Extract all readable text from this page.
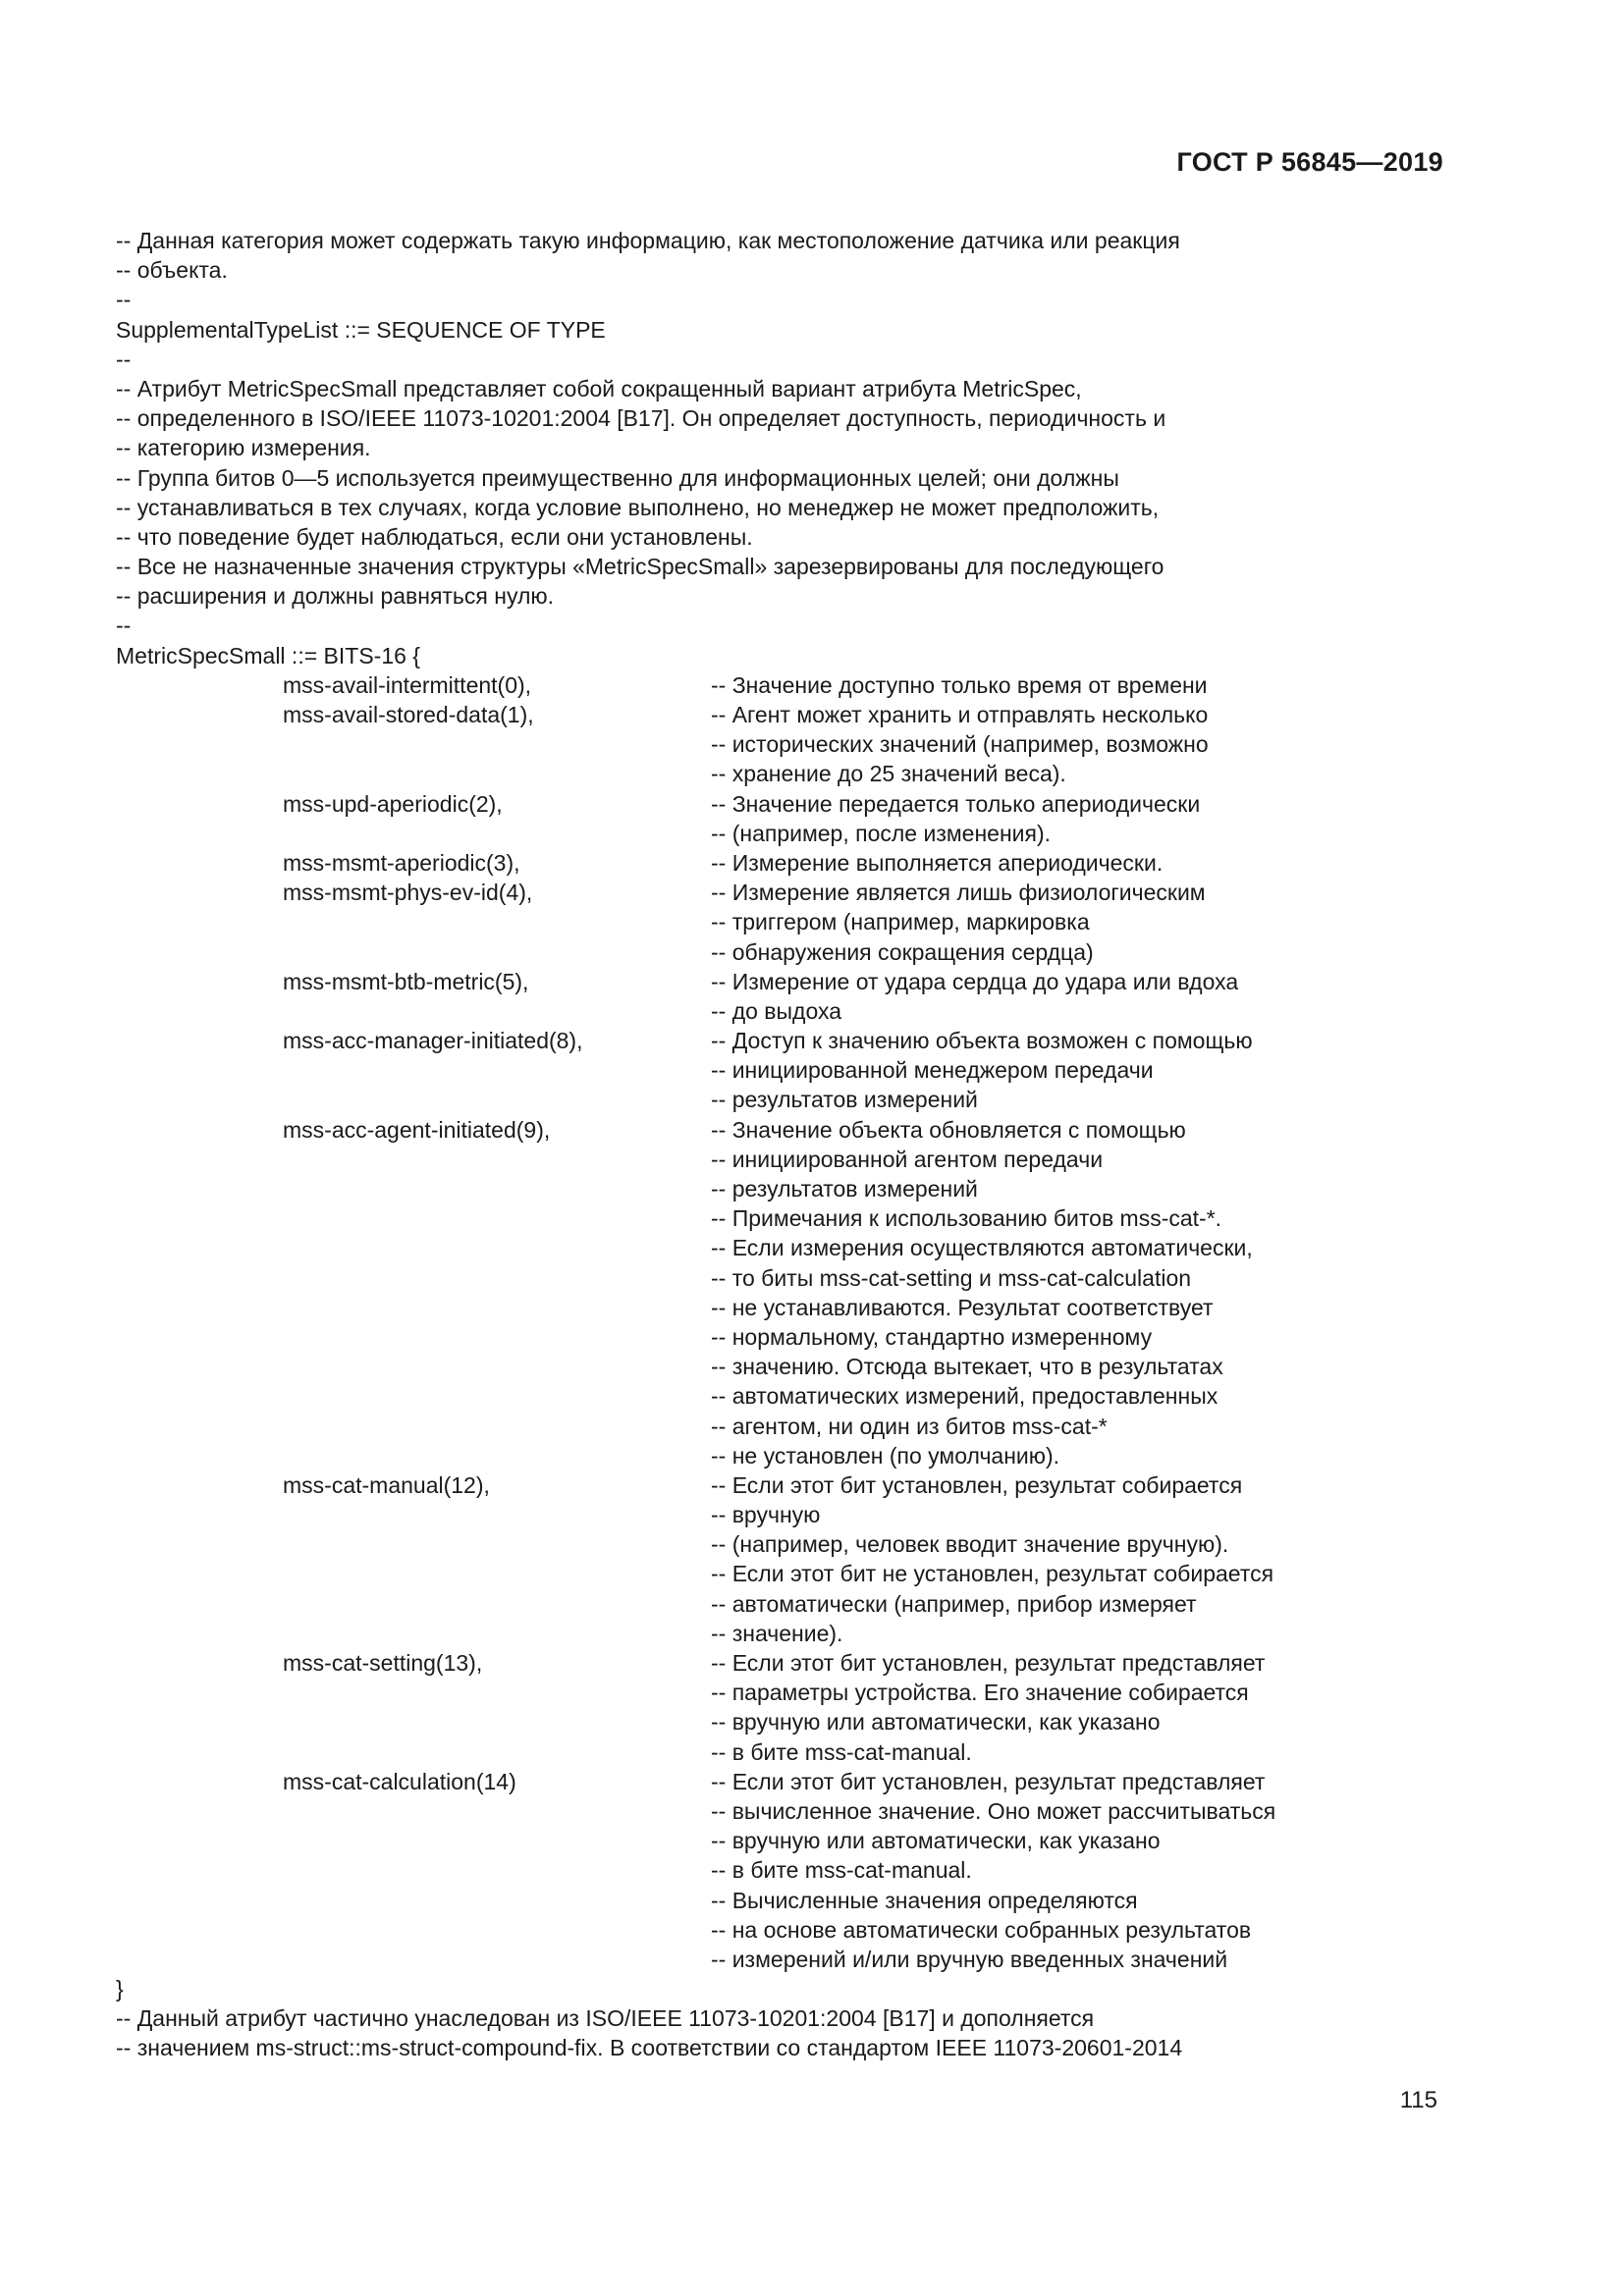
ГОСТ Р 56845—2019
-- Данная категория может содержать такую информацию, как местоположение датчика или реакция
-- объекта.
--
SupplementalTypeList ::= SEQUENCE OF TYPE
--
-- Атрибут MetricSpecSmall представляет собой сокращенный вариант атрибута MetricSpec,
-- определенного в ISO/IEEE 11073-10201:2004 [B17]. Он определяет доступность, периодичность и
-- категорию измерения.
-- Группа битов 0—5 используется преимущественно для информационных целей; они должны
-- устанавливаться в тех случаях, когда условие выполнено, но менеджер не может предположить,
-- что поведение будет наблюдаться, если они установлены.
-- Все не назначенные значения структуры «MetricSpecSmall» зарезервированы для последующего
-- расширения и должны равняться нулю.
--
MetricSpecSmall ::= BITS-16 {
mss-avail-intermittent(0),	-- Значение доступно только время от времени
mss-avail-stored-data(1),	-- Агент может хранить и отправлять несколько
-- исторических значений (например, возможно
-- хранение до 25 значений веса).
mss-upd-aperiodic(2),	-- Значение передается только апериодически
-- (например, после изменения).
mss-msmt-aperiodic(3),	-- Измерение выполняется апериодически.
mss-msmt-phys-ev-id(4),	-- Измерение является лишь физиологическим
-- триггером (например, маркировка
-- обнаружения сокращения сердца)
mss-msmt-btb-metric(5),	-- Измерение от удара сердца до удара или вдоха
-- до выдоха
mss-acc-manager-initiated(8),	-- Доступ к значению объекта возможен с помощью
-- инициированной менеджером передачи
-- результатов измерений
mss-acc-agent-initiated(9),	-- Значение объекта обновляется с помощью
-- инициированной агентом передачи
-- результатов измерений
-- Примечания к использованию битов mss-cat-*.
-- Если измерения осуществляются автоматически,
-- то биты mss-cat-setting и mss-cat-calculation
-- не устанавливаются. Результат соответствует
-- нормальному, стандартно измеренному
-- значению. Отсюда вытекает, что в результатах
-- автоматических измерений, предоставленных
-- агентом, ни один из битов mss-cat-*
-- не установлен (по умолчанию).
mss-cat-manual(12),	-- Если этот бит установлен, результат собирается
-- вручную
-- (например, человек вводит значение вручную).
-- Если этот бит не установлен, результат собирается
-- автоматически (например, прибор измеряет
-- значение).
mss-cat-setting(13),	-- Если этот бит установлен, результат представляет
-- параметры устройства. Его значение собирается
-- вручную или автоматически, как указано
-- в бите mss-cat-manual.
mss-cat-calculation(14)	-- Если этот бит установлен, результат представляет
-- вычисленное значение. Оно может рассчитываться
-- вручную или автоматически, как указано
-- в бите mss-cat-manual.
-- Вычисленные значения определяются
-- на основе автоматически собранных результатов
-- измерений и/или вручную введенных значений
}
-- Данный атрибут частично унаследован из ISO/IEEE 11073-10201:2004 [B17] и дополняется
-- значением ms-struct::ms-struct-compound-fix. В соответствии со стандартом IEEE 11073-20601-2014
115
